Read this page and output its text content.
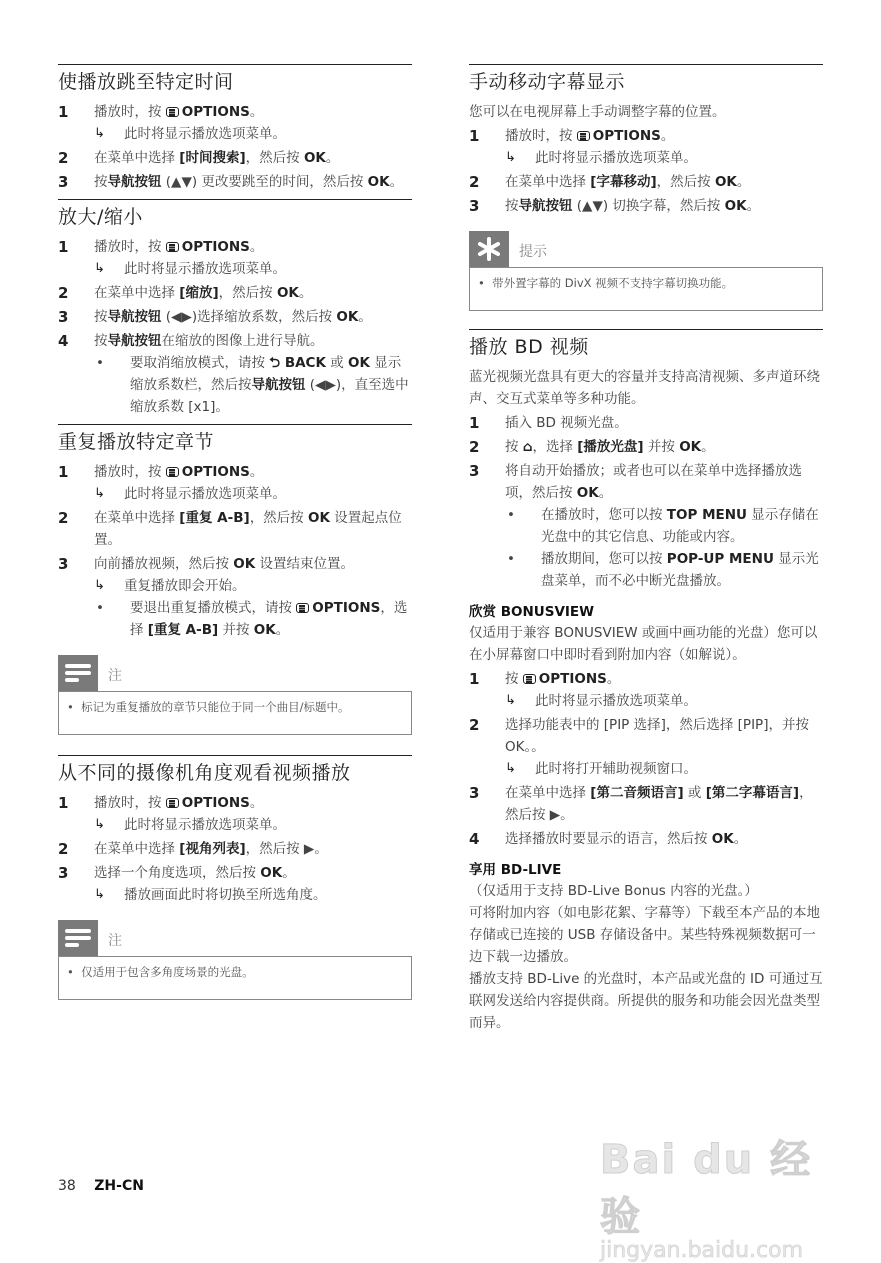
使播放跳至特定时间
1	播放时，按 OPTIONS。
↳	此时将显示播放选项菜单。
2	在菜单中选择 [时间搜索]，然后按 OK。
3	按导航按钮 (▲▼) 更改要跳至的时间，然后按 OK。
放大/缩小
1	播放时，按 OPTIONS。
↳	此时将显示播放选项菜单。
2	在菜单中选择 [缩放]，然后按 OK。
3	按导航按钮 (◀▶)选择缩放系数，然后按 OK。
4	按导航按钮在缩放的图像上进行导航。
•	要取消缩放模式，请按 ⮌ BACK 或 OK 显示缩放系数栏，然后按导航按钮 (◀▶)，直至选中缩放系数 [x1]。
重复播放特定章节
1	播放时，按 OPTIONS。
↳	此时将显示播放选项菜单。
2	在菜单中选择 [重复 A-B]，然后按 OK 设置起点位置。
3	向前播放视频，然后按 OK 设置结束位置。
↳	重复播放即会开始。
•	要退出重复播放模式，请按 OPTIONS，选择 [重复 A-B] 并按 OK。
注
• 标记为重复播放的章节只能位于同一个曲目/标题中。
从不同的摄像机角度观看视频播放
1	播放时，按 OPTIONS。
↳	此时将显示播放选项菜单。
2	在菜单中选择 [视角列表]，然后按 ▶。
3	选择一个角度选项，然后按 OK。
↳	播放画面此时将切换至所选角度。
注
• 仅适用于包含多角度场景的光盘。
手动移动字幕显示

您可以在电视屏幕上手动调整字幕的位置。

1	播放时，按 OPTIONS。
↳	此时将显示播放选项菜单。
2	在菜单中选择 [字幕移动]，然后按 OK。
3	按导航按钮 (▲▼) 切换字幕，然后按 OK。
提示
• 带外置字幕的 DivX 视频不支持字幕切换功能。
播放 BD 视频

蓝光视频光盘具有更大的容量并支持高清视频、多声道环绕声、交互式菜单等多种功能。

1	插入 BD 视频光盘。
2	按 ⌂，选择 [播放光盘] 并按 OK。
3	将自动开始播放；或者也可以在菜单中选择播放选项，然后按 OK。
•	在播放时，您可以按 TOP MENU 显示存储在光盘中的其它信息、功能或内容。
•	播放期间，您可以按 POP-UP MENU 显示光盘菜单，而不必中断光盘播放。
欣赏 BONUSVIEW

仅适用于兼容 BONUSVIEW 或画中画功能的光盘）您可以在小屏幕窗口中即时看到附加内容（如解说）。

1	按 OPTIONS。
↳	此时将显示播放选项菜单。
2	选择功能表中的 [PIP 选择]，然后选择 [PIP]，并按 OK。。
↳	此时将打开辅助视频窗口。
3	在菜单中选择 [第二音频语言] 或 [第二字幕语言]，然后按 ▶。
4	选择播放时要显示的语言，然后按 OK。
享用 BD-LIVE

（仅适用于支持 BD-Live Bonus 内容的光盘。）

可将附加内容（如电影花絮、字幕等）下载至本产品的本地存储或已连接的 USB 存储设备中。某些特殊视频数据可一边下载一边播放。

播放支持 BD-Live 的光盘时，本产品或光盘的 ID 可通过互联网发送给内容提供商。所提供的服务和功能会因光盘类型而异。

38 ZH-CN
Bai du 经验
jingyan.baidu.com
